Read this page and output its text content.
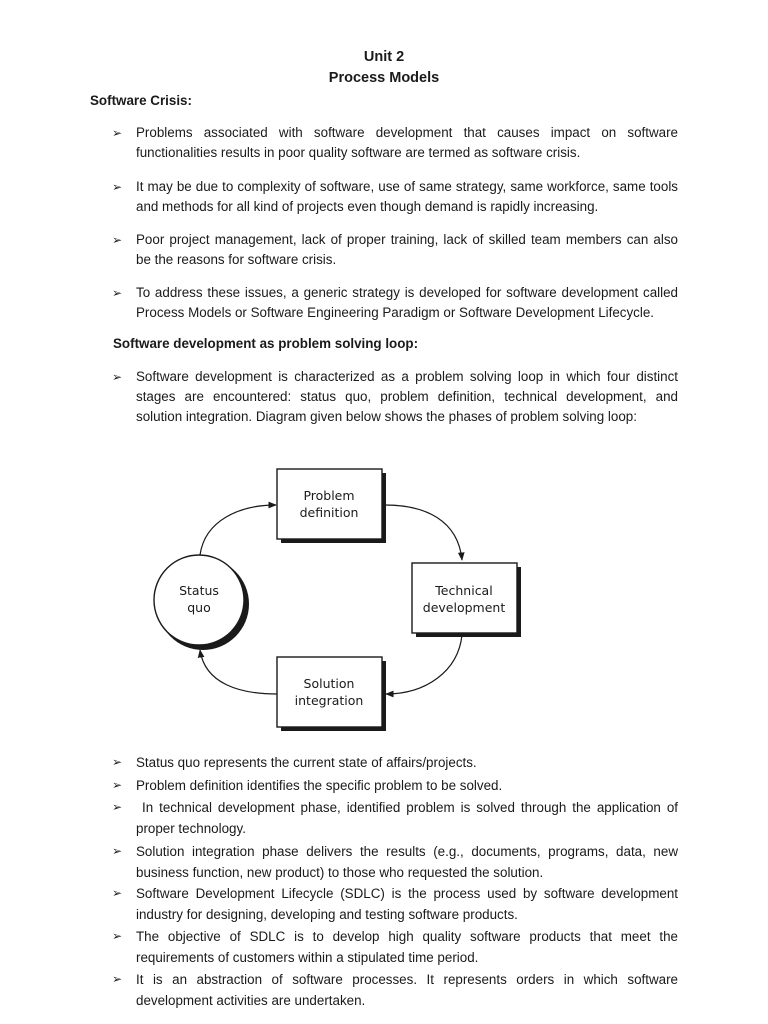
Unit 2
Process Models
Software Crisis:
➢ Problems associated with software development that causes impact on software functionalities results in poor quality software are termed as software crisis.
➢ It may be due to complexity of software, use of same strategy, same workforce, same tools and methods for all kind of projects even though demand is rapidly increasing.
➢ Poor project management, lack of proper training, lack of skilled team members can also be the reasons for software crisis.
➢ To address these issues, a generic strategy is developed for software development called Process Models or Software Engineering Paradigm or Software Development Lifecycle.
Software development as problem solving loop:
➢ Software development is characterized as a problem solving loop in which four distinct stages are encountered: status quo, problem definition, technical development, and solution integration. Diagram given below shows the phases of problem solving loop:
Status
quo
Problem
definition
Technical
development
Solution
integration
➢ Status quo represents the current state of affairs/projects.
➢ Problem definition identifies the specific problem to be solved.
➢ In technical development phase, identified problem is solved through the application of proper technology.
➢ Solution integration phase delivers the results (e.g., documents, programs, data, new business function, new product) to those who requested the solution.
➢ Software Development Lifecycle (SDLC) is the process used by software development industry for designing, developing and testing software products.
➢ The objective of SDLC is to develop high quality software products that meet the requirements of customers within a stipulated time period.
➢ It is an abstraction of software processes. It represents orders in which software development activities are undertaken.
